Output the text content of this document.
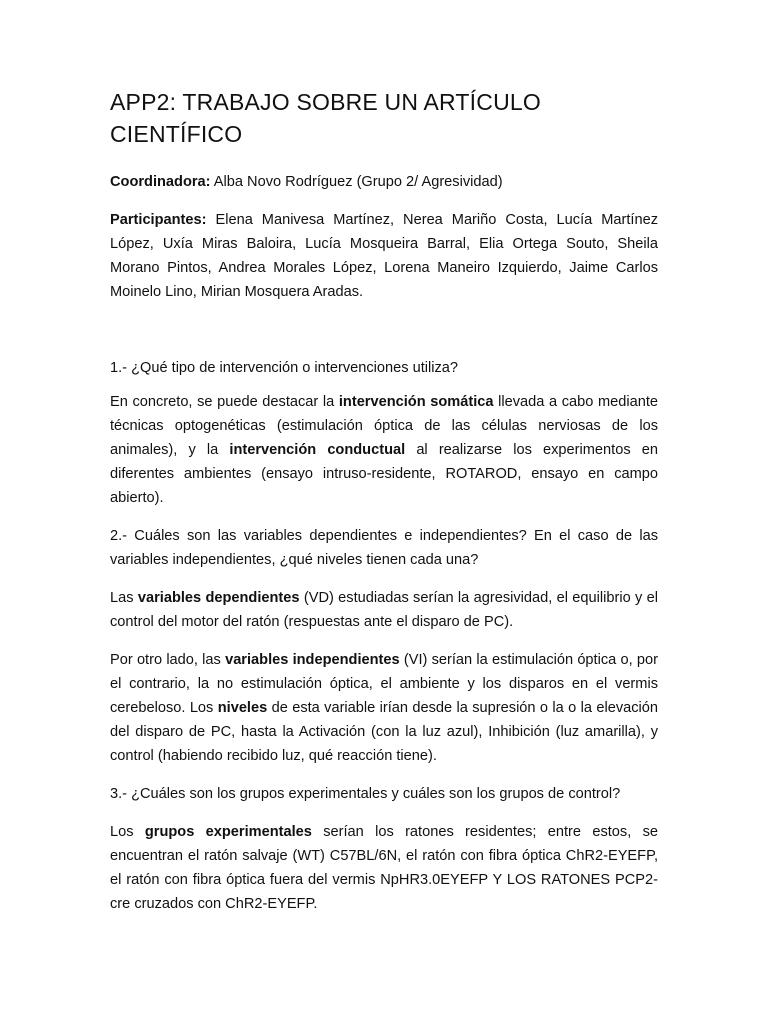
APP2: TRABAJO SOBRE UN ARTÍCULO CIENTÍFICO

Coordinadora: Alba Novo Rodríguez (Grupo 2/ Agresividad)

Participantes: Elena Manivesa Martínez, Nerea Mariño Costa, Lucía Martínez López, Uxía Miras Baloira, Lucía Mosqueira Barral, Elia Ortega Souto, Sheila Morano Pintos, Andrea Morales López, Lorena Maneiro Izquierdo, Jaime Carlos Moinelo Lino, Mirian Mosquera Aradas.

1.- ¿Qué tipo de intervención o intervenciones utiliza?

En concreto, se puede destacar la intervención somática llevada a cabo mediante técnicas optogenéticas (estimulación óptica de las células nerviosas de los animales), y la intervención conductual al realizarse los experimentos en diferentes ambientes (ensayo intruso-residente, ROTAROD, ensayo en campo abierto).

2.- Cuáles son las variables dependientes e independientes? En el caso de las variables independientes, ¿qué niveles tienen cada una?

Las variables dependientes (VD) estudiadas serían la agresividad, el equilibrio y el control del motor del ratón (respuestas ante el disparo de PC).

Por otro lado, las variables independientes (VI) serían la estimulación óptica o, por el contrario, la no estimulación óptica, el ambiente y los disparos en el vermis cerebeloso. Los niveles de esta variable irían desde la supresión o la o la elevación del disparo de PC, hasta la Activación (con la luz azul), Inhibición (luz amarilla), y control (habiendo recibido luz, qué reacción tiene).

3.- ¿Cuáles son los grupos experimentales y cuáles son los grupos de control?

Los grupos experimentales serían los ratones residentes; entre estos, se encuentran el ratón salvaje (WT) C57BL/6N, el ratón con fibra óptica ChR2-EYEFP, el ratón con fibra óptica fuera del vermis NpHR3.0EYEFP Y LOS RATONES PCP2-cre cruzados con ChR2-EYEFP.
